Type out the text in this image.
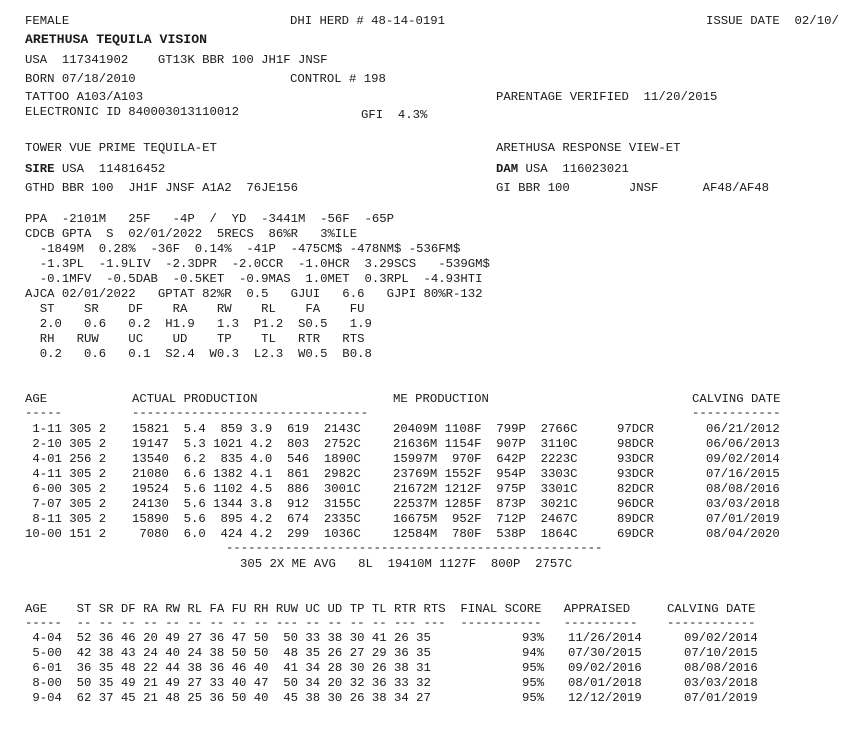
FEMALE	DHI HERD # 48-14-0191	ISSUE DATE  02/10/
ARETHUSA TEQUILA VISION
USA  117341902    GT13K BBR 100 JH1F JNSF
BORN 07/18/2010	CONTROL # 198
TATTOO A103/A103	PARENTAGE VERIFIED  11/20/2015
ELECTRONIC ID 840003013110012	GFI  4.3%
TOWER VUE PRIME TEQUILA-ET	ARETHUSA RESPONSE VIEW-ET
SIRE USA  114816452	DAM USA  116023021
GTHD BBR 100  JH1F JNSF A1A2  76JE156	GI BBR 100        JNSF      AF48/AF48
PPA  -2101M   25F   -4P  /  YD  -3441M  -56F  -65P
CDCB GPTA  S  02/01/2022  5RECS  86%R   3%ILE
-1849M  0.28%  -36F  0.14%  -41P  -475CM$ -478NM$ -536FM$
-1.3PL  -1.9LIV  -2.3DPR  -2.0CCR  -1.0HCR  3.29SCS   -539GM$
-0.1MFV  -0.5DAB  -0.5KET  -0.9MAS  1.0MET  0.3RPL  -4.93HTI
AJCA 02/01/2022   GPTAT 82%R  0.5   GJUI   6.6   GJPI 80%R-132
ST    SR    DF    RA    RW    RL    FA    FU
2.0   0.6   0.2  H1.9   1.3  P1.2  S0.5   1.9
RH   RUW    UC    UD    TP    TL   RTR   RTS
0.2   0.6   0.1  S2.4  W0.3  L2.3  W0.5  B0.8
AGE	ACTUAL PRODUCTION	ME PRODUCTION	CALVING DATE
-----	--------------------------------	------------
1-11 305 2 15821  5.4  859 3.9  619  2143C	20409M 1108F  799P  2766C	97DCR	06/21/2012
2-10 305 2 19147  5.3 1021 4.2  803  2752C	21636M 1154F  907P  3110C	98DCR	06/06/2013
4-01 256 2 13540  6.2  835 4.0  546  1890C	15997M  970F  642P  2223C	93DCR	09/02/2014
4-11 305 2 21080  6.6 1382 4.1  861  2982C	23769M 1552F  954P  3303C	93DCR	07/16/2015
6-00 305 2 19524  5.6 1102 4.5  886  3001C	21672M 1212F  975P  3301C	82DCR	08/08/2016
7-07 305 2 24130  5.6 1344 3.8  912  3155C	22537M 1285F  873P  3021C	96DCR	03/03/2018
8-11 305 2 15890  5.6  895 4.2  674  2335C	16675M  952F  712P  2467C	89DCR	07/01/2019
10-00 151 2 7080  6.0  424 4.2  299  1036C	12584M  780F  538P  1864C	69DCR	08/04/2020
---------------------------------------------------
305 2X ME AVG   8L  19410M 1127F  800P  2757C
AGE    ST SR DF RA RW RL FA FU RH RUW UC UD TP TL RTR RTS  FINAL SCORE   APPRAISED     CALVING DATE
-----  -- -- -- -- -- -- -- -- -- --- -- -- -- -- --- ---  -----------   ----------    ------------
4-04  52 36 46 20 49 27 36 47 50  50 33 38 30 41 26 35	93% 11/26/2014	09/02/2014
5-00  42 38 43 24 40 24 38 50 50  48 35 26 27 29 36 35	94% 07/30/2015	07/10/2015
6-01  36 35 48 22 44 38 36 46 40  41 34 28 30 26 38 31	95% 09/02/2016	08/08/2016
8-00  50 35 49 21 49 27 33 40 47  50 34 20 32 36 33 32	95% 08/01/2018	03/03/2018
9-04  62 37 45 21 48 25 36 50 40  45 38 30 26 38 34 27	95% 12/12/2019	07/01/2019
